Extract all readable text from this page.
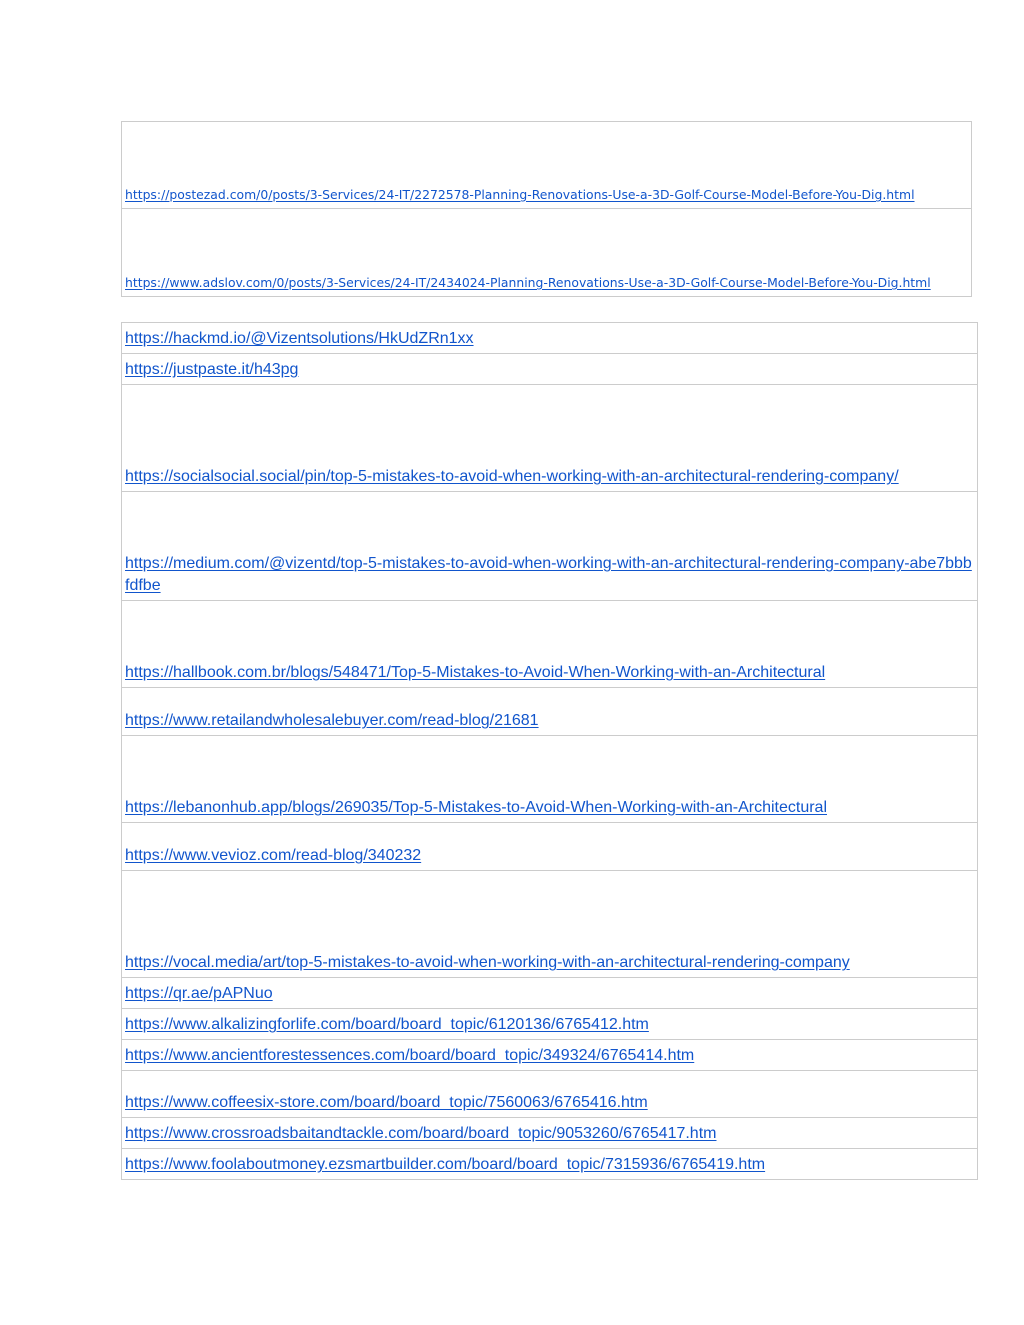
https://postezad.com/0/posts/3-Services/24-IT/2272578-Planning-Renovations-Use-a-3D-Golf-Course-Model-Before-You-Dig.html
https://www.adslov.com/0/posts/3-Services/24-IT/2434024-Planning-Renovations-Use-a-3D-Golf-Course-Model-Before-You-Dig.html
https://hackmd.io/@Vizentsolutions/HkUdZRn1xx
https://justpaste.it/h43pg
https://socialsocial.social/pin/top-5-mistakes-to-avoid-when-working-with-an-architectural-rendering-company/
https://medium.com/@vizentd/top-5-mistakes-to-avoid-when-working-with-an-architectural-rendering-company-abe7bbbfdfbe
https://hallbook.com.br/blogs/548471/Top-5-Mistakes-to-Avoid-When-Working-with-an-Architectural
https://www.retailandwholesalebuyer.com/read-blog/21681
https://lebanonhub.app/blogs/269035/Top-5-Mistakes-to-Avoid-When-Working-with-an-Architectural
https://www.vevioz.com/read-blog/340232
https://vocal.media/art/top-5-mistakes-to-avoid-when-working-with-an-architectural-rendering-company
https://qr.ae/pAPNuo
https://www.alkalizingforlife.com/board/board_topic/6120136/6765412.htm
https://www.ancientforestessences.com/board/board_topic/349324/6765414.htm
https://www.coffeesix-store.com/board/board_topic/7560063/6765416.htm
https://www.crossroadsbaitandtackle.com/board/board_topic/9053260/6765417.htm
https://www.foolaboutmoney.ezsmartbuilder.com/board/board_topic/7315936/6765419.htm
